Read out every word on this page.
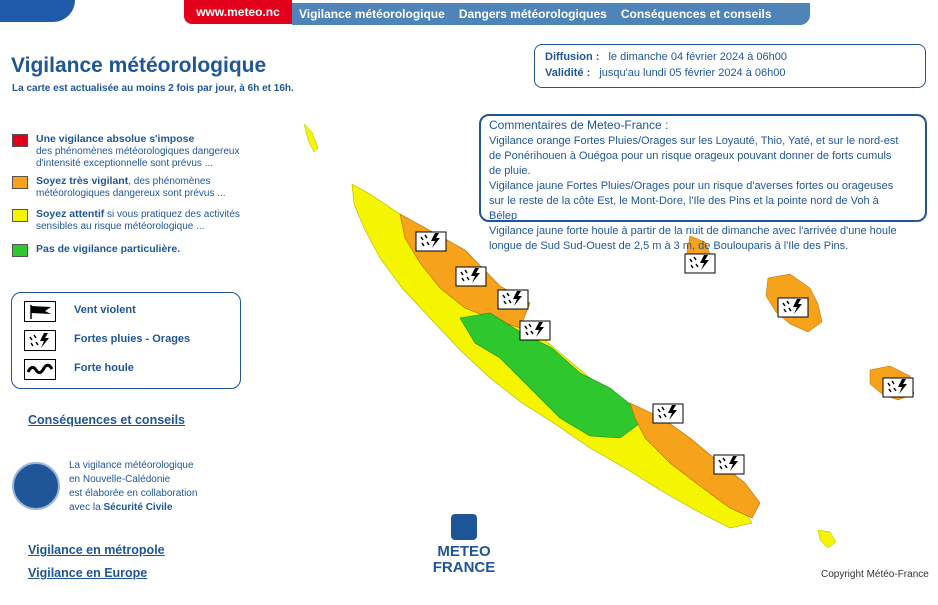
www.meteo.nc	Vigilance météorologique Dangers météorologiques Conséquences et conseils
Vigilance météorologique
La carte est actualisée au moins 2 fois par jour, à 6h et 16h.
Diffusion : le dimanche 04 février 2024 à 06h00
Validité : jusqu'au lundi 05 février 2024 à 06h00
Une vigilance absolue s'impose
des phénomènes météorologiques dangereux d'intensité exceptionnelle sont prévus ...
Soyez très vigilant, des phénomènes météorologiques dangereux sont prévus ...
Soyez attentif si vous pratiquez des activités sensibles au risque météorologique ...
Pas de vigilance particulière.
Vent violent
Fortes pluies - Orages
Forte houle
Conséquences et conseils
La vigilance météorologique
en Nouvelle-Calédonie
est élaborée en collaboration
avec la Sécurité Civile
Vigilance en métropole
Vigilance en Europe
Commentaires de Meteo-France :

Vigilance orange Fortes Pluies/Orages sur les Loyauté, Thio, Yaté, et sur le nord-est de Ponérihouen à Ouégoa pour un risque orageux pouvant donner de forts cumuls de pluie.

Vigilance jaune Fortes Pluies/Orages pour un risque d'averses fortes ou orageuses sur le reste de la côte Est, le Mont-Dore, l'Ile des Pins et la pointe nord de Voh à Bélep

Vigilance jaune forte houle à partir de la nuit de dimanche avec l'arrivée d'une houle longue de Sud Sud-Ouest de 2,5 m à 3 m, de Boulouparis à l'Ile des Pins.

METEO
FRANCE	Copyright Météo-France
